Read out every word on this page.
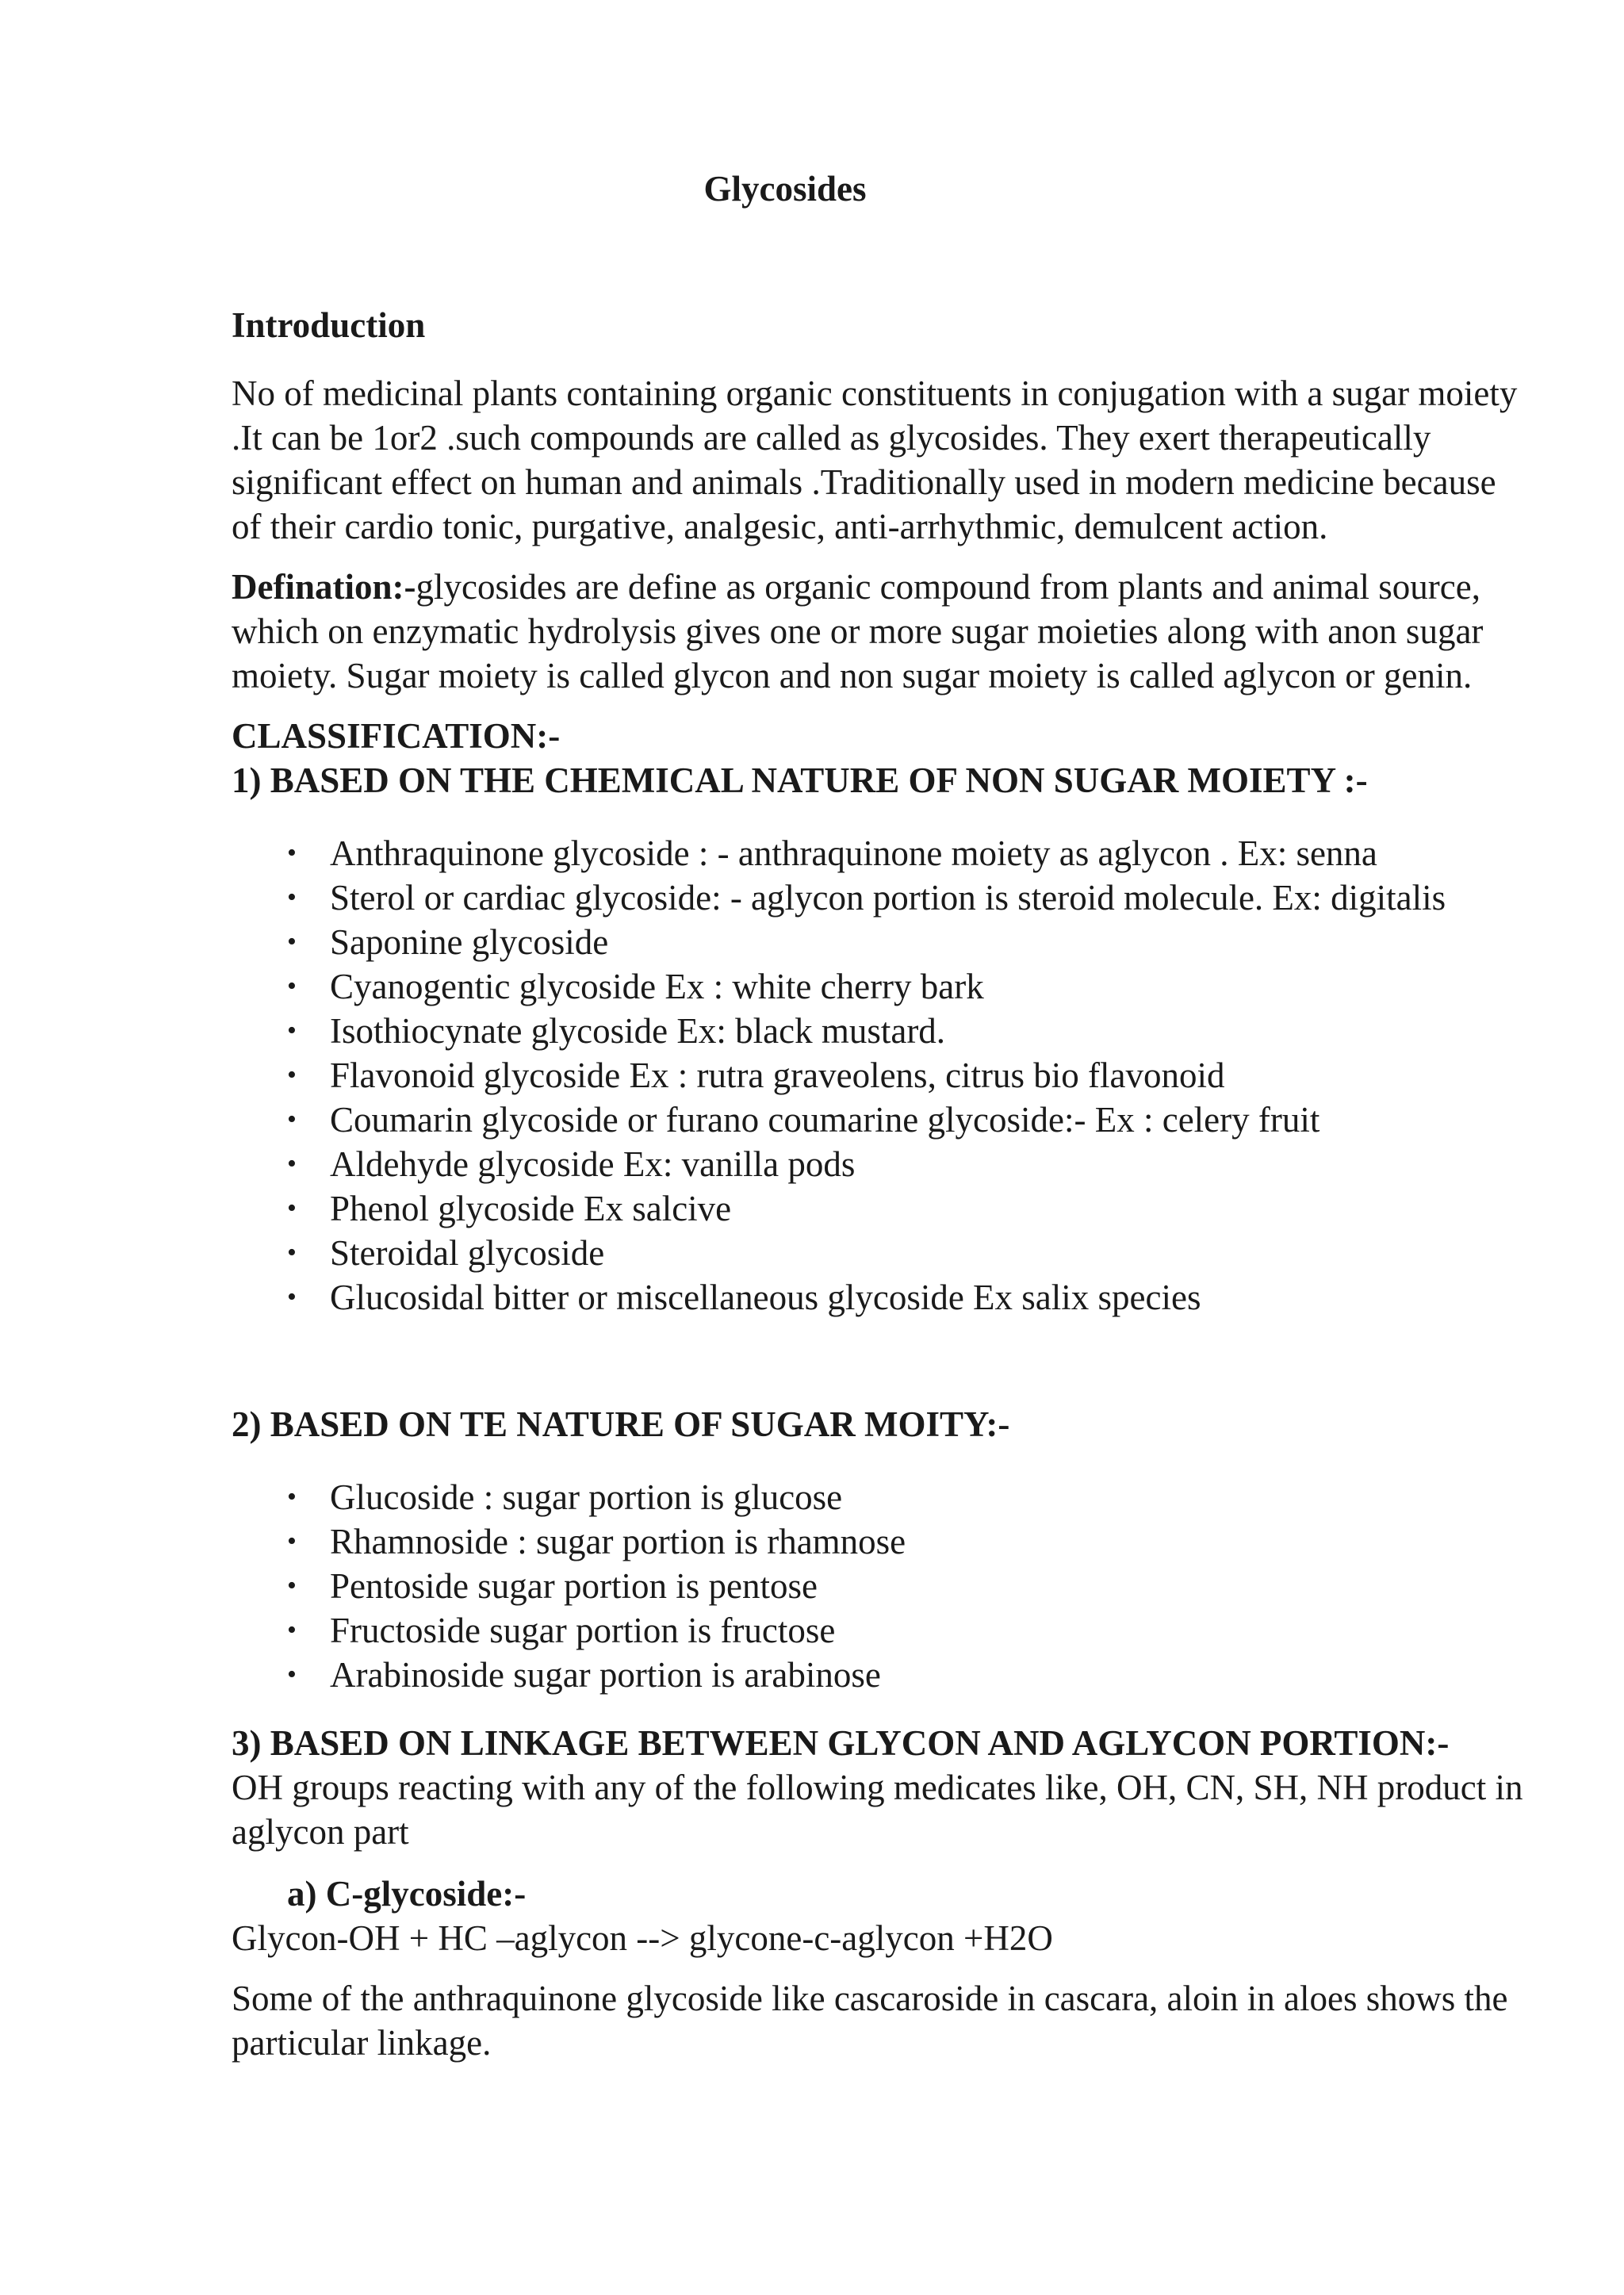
Glycosides
Introduction

No of medicinal plants containing organic constituents in conjugation with a sugar moiety .It can be 1or2 .such compounds are called as glycosides. They exert therapeutically significant effect on human and animals .Traditionally used in modern medicine because of their cardio tonic, purgative, analgesic, anti-arrhythmic, demulcent action.

Defination:-glycosides are define as organic compound from plants and animal source, which on enzymatic hydrolysis gives one or more sugar moieties along with anon sugar moiety. Sugar moiety is called glycon and non sugar moiety is called aglycon or genin.

CLASSIFICATION:-
1) BASED ON THE CHEMICAL NATURE OF NON SUGAR MOIETY :-
• Anthraquinone glycoside : - anthraquinone moiety as aglycon . Ex: senna
• Sterol or cardiac glycoside: - aglycon portion is steroid molecule. Ex: digitalis
• Saponine glycoside
• Cyanogentic glycoside Ex : white cherry bark
• Isothiocynate glycoside Ex: black mustard.
• Flavonoid glycoside Ex : rutra graveolens, citrus bio flavonoid
• Coumarin glycoside or furano coumarine glycoside:- Ex : celery fruit
• Aldehyde glycoside Ex: vanilla pods
• Phenol glycoside Ex salcive
• Steroidal glycoside
• Glucosidal bitter or miscellaneous glycoside Ex salix species
2) BASED ON TE NATURE OF SUGAR MOITY:-
• Glucoside : sugar portion is glucose
• Rhamnoside : sugar portion is rhamnose
• Pentoside sugar portion is pentose
• Fructoside sugar portion is fructose
• Arabinoside sugar portion is arabinose
3) BASED ON LINKAGE BETWEEN GLYCON AND AGLYCON PORTION:-

OH groups reacting with any of the following medicates like, OH, CN, SH, NH product in aglycon part

a) C-glycoside:-

Glycon-OH + HC –aglycon --> glycone-c-aglycon +H2O

Some of the anthraquinone glycoside like cascaroside in cascara, aloin in aloes shows the particular linkage.
